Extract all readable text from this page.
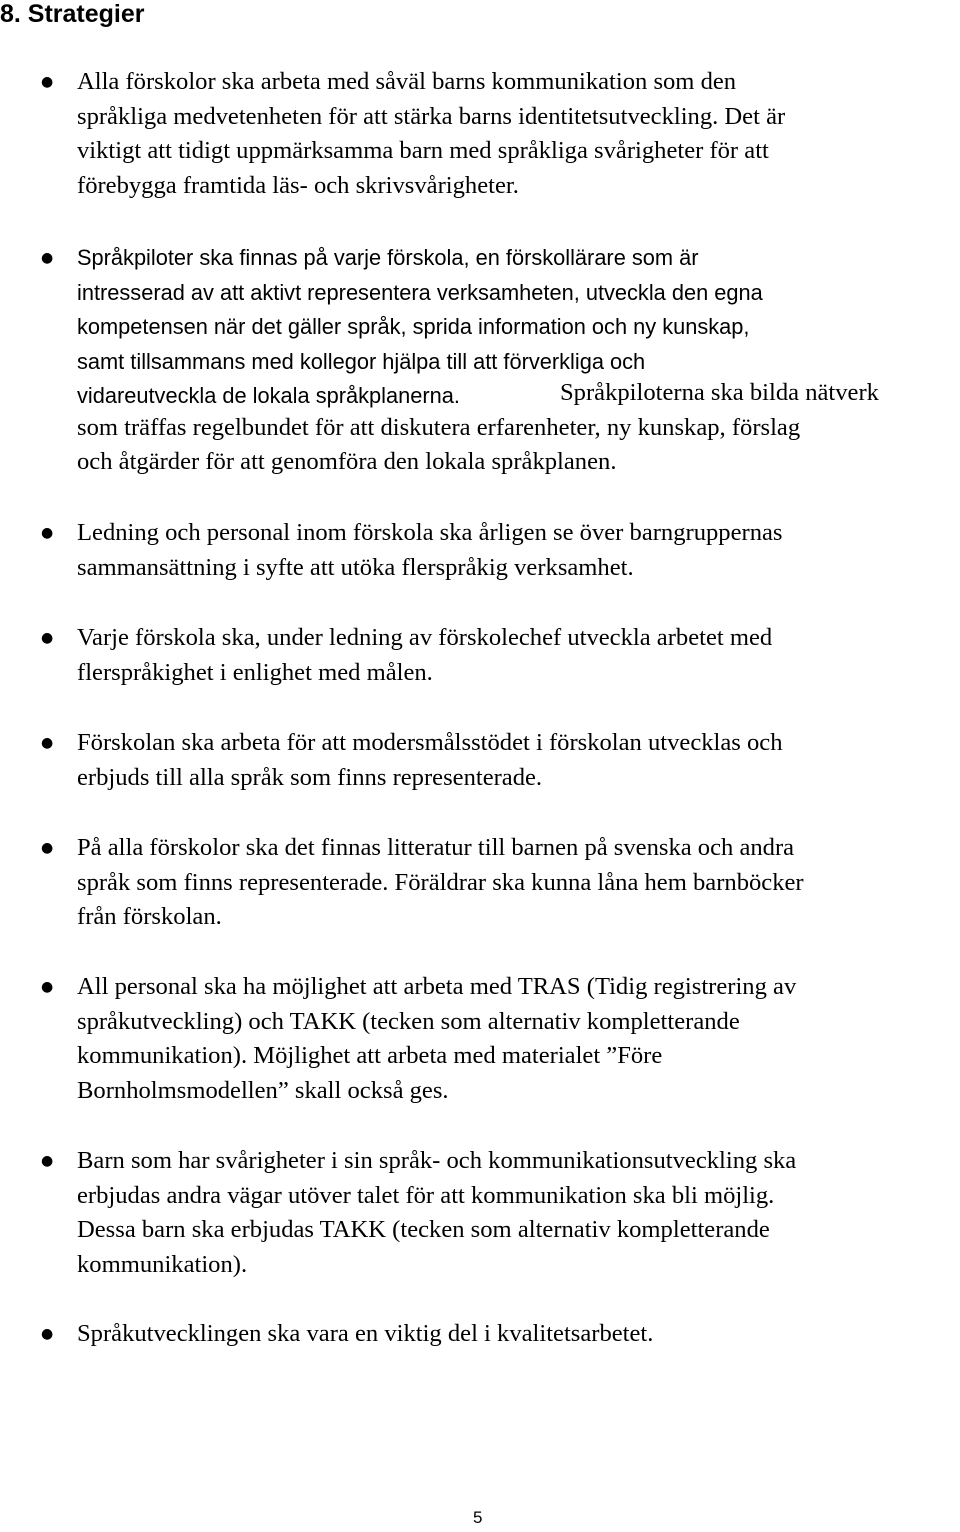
8. Strategier
● Alla förskolor ska arbeta med såväl barns kommunikation som den
språkliga medvetenheten för att stärka barns identitetsutveckling. Det är
viktigt att tidigt uppmärksamma barn med språkliga svårigheter för att
förebygga framtida läs- och skrivsvårigheter.

● Språkpiloter ska finnas på varje förskola, en förskollärare som är
intresserad av att aktivt representera verksamheten, utveckla den egna
kompetensen när det gäller språk, sprida information och ny kunskap,
samt tillsammans med kollegor hjälpa till att förverkliga och
vidareutveckla de lokala språkplanerna.	Språkpiloterna ska bilda nätverk
som träffas regelbundet för att diskutera erfarenheter, ny kunskap, förslag
och åtgärder för att genomföra den lokala språkplanen.

● Ledning och personal inom förskola ska årligen se över barngruppernas
sammansättning i syfte att utöka flerspråkig verksamhet.

● Varje förskola ska, under ledning av förskolechef utveckla arbetet med
flerspråkighet i enlighet med målen.

● Förskolan ska arbeta för att modersmålsstödet i förskolan utvecklas och
erbjuds till alla språk som finns representerade.

● På alla förskolor ska det finnas litteratur till barnen på svenska och andra
språk som finns representerade. Föräldrar ska kunna låna hem barnböcker
från förskolan.

● All personal ska ha möjlighet att arbeta med TRAS (Tidig registrering av
språkutveckling) och TAKK (tecken som alternativ kompletterande
kommunikation). Möjlighet att arbeta med materialet ”Före
Bornholmsmodellen” skall också ges.

● Barn som har svårigheter i sin språk- och kommunikationsutveckling ska
erbjudas andra vägar utöver talet för att kommunikation ska bli möjlig.
Dessa barn ska erbjudas TAKK (tecken som alternativ kompletterande
kommunikation).

● Språkutvecklingen ska vara en viktig del i kvalitetsarbetet.

5
